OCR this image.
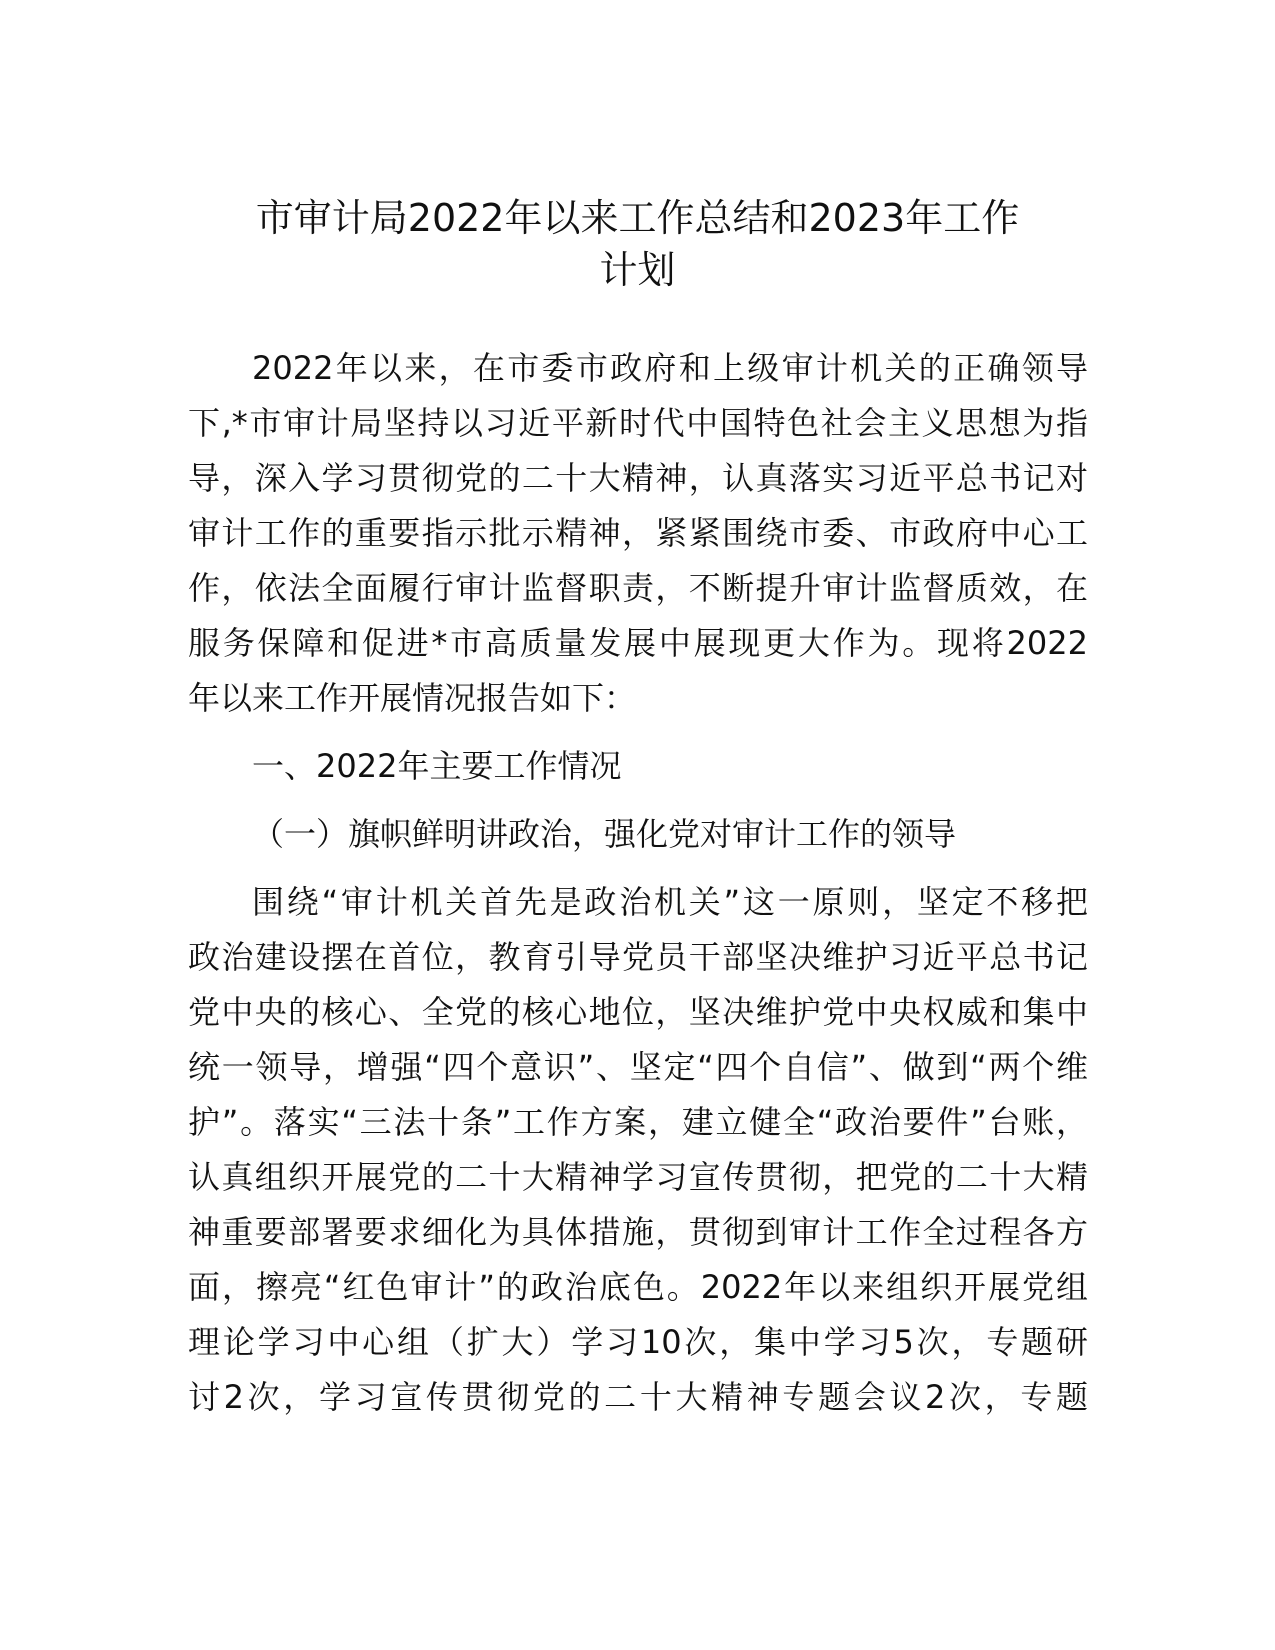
市审计局2022年以来工作总结和2023年工作
计划
2022年以来，在市委市政府和上级审计机关的正确领导
下,*市审计局坚持以习近平新时代中国特色社会主义思想为指
导，深入学习贯彻党的二十大精神，认真落实习近平总书记对
审计工作的重要指示批示精神，紧紧围绕市委、市政府中心工
作，依法全面履行审计监督职责，不断提升审计监督质效，在
服务保障和促进*市高质量发展中展现更大作为。现将2022
年以来工作开展情况报告如下：
一、2022年主要工作情况
（一）旗帜鲜明讲政治，强化党对审计工作的领导
围绕“审计机关首先是政治机关”这一原则，坚定不移把
政治建设摆在首位，教育引导党员干部坚决维护习近平总书记
党中央的核心、全党的核心地位，坚决维护党中央权威和集中
统一领导，增强“四个意识”、坚定“四个自信”、做到“两个维
护”。落实“三法十条”工作方案，建立健全“政治要件”台账，
认真组织开展党的二十大精神学习宣传贯彻，把党的二十大精
神重要部署要求细化为具体措施，贯彻到审计工作全过程各方
面，擦亮“红色审计”的政治底色。2022年以来组织开展党组
理论学习中心组（扩大）学习10次，集中学习5次，专题研
讨2次，学习宣传贯彻党的二十大精神专题会议2次，专题
